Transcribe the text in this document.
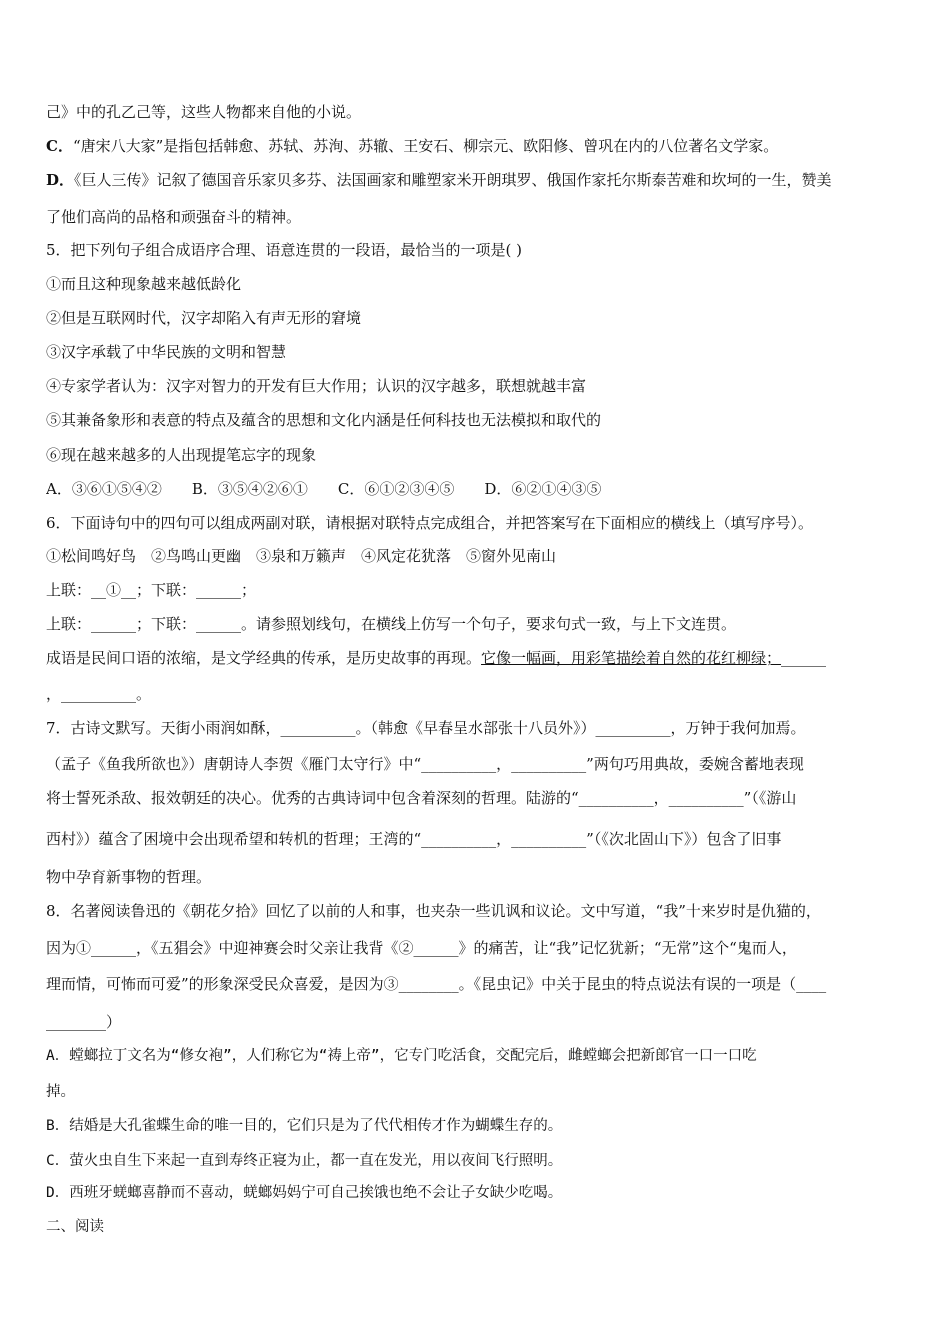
己》中的孔乙己等，这些人物都来自他的小说。
C．“唐宋八大家”是指包括韩愈、苏轼、苏洵、苏辙、王安石、柳宗元、欧阳修、曾巩在内的八位著名文学家。
D．《巨人三传》记叙了德国音乐家贝多芬、法国画家和雕塑家米开朗琪罗、俄国作家托尔斯泰苦难和坎坷的一生，赞美
了他们高尚的品格和顽强奋斗的精神。
5．把下列句子组合成语序合理、语意连贯的一段语，最恰当的一项是( )
①而且这种现象越来越低龄化
②但是互联网时代，汉字却陷入有声无形的窘境
③汉字承载了中华民族的文明和智慧
④专家学者认为：汉字对智力的开发有巨大作用；认识的汉字越多，联想就越丰富
⑤其兼备象形和表意的特点及蕴含的思想和文化内涵是任何科技也无法模拟和取代的
⑥现在越来越多的人出现提笔忘字的现象
A．③⑥①⑤④②　　B．③⑤④②⑥①　　C．⑥①②③④⑤　　D．⑥②①④③⑤
6．下面诗句中的四句可以组成两副对联，请根据对联特点完成组合，并把答案写在下面相应的横线上（填写序号）。
①松间鸣好鸟　②鸟鸣山更幽　③泉和万籁声　④风定花犹落　⑤窗外见南山
上联：__①__；下联：______；
上联：______；下联：______。请参照划线句，在横线上仿写一个句子，要求句式一致，与上下文连贯。
成语是民间口语的浓缩，是文学经典的传承，是历史故事的再现。它像一幅画，用彩笔描绘着自然的花红柳绿；______
，__________。
7．古诗文默写。天街小雨润如酥，__________。（韩愈《早春呈水部张十八员外》）__________，万钟于我何加焉。
（孟子《鱼我所欲也》）唐朝诗人李贺《雁门太守行》中“__________，__________”两句巧用典故，委婉含蓄地表现
将士誓死杀敌、报效朝廷的决心。优秀的古典诗词中包含着深刻的哲理。陆游的“__________，__________”（《游山
西村》）蕴含了困境中会出现希望和转机的哲理；王湾的“__________，__________”（《次北固山下》）包含了旧事
物中孕育新事物的哲理。
8．名著阅读鲁迅的《朝花夕拾》回忆了以前的人和事，也夹杂一些讥讽和议论。文中写道，“我”十来岁时是仇猫的，
因为①______，《五猖会》中迎神赛会时父亲让我背《②______》的痛苦，让“我”记忆犹新；“无常”这个“鬼而人，
理而情，可怖而可爱”的形象深受民众喜爱，是因为③________。《昆虫记》中关于昆虫的特点说法有误的一项是（____
________）
A．螳螂拉丁文名为“修女袍”，人们称它为“祷上帝”，它专门吃活食，交配完后，雌螳螂会把新郎官一口一口吃
掉。
B．结婚是大孔雀蝶生命的唯一目的，它们只是为了代代相传才作为蝴蝶生存的。
C．萤火虫自生下来起一直到寿终正寝为止，都一直在发光，用以夜间飞行照明。
D．西班牙蜣螂喜静而不喜动，蜣螂妈妈宁可自己挨饿也绝不会让子女缺少吃喝。
二、阅读
